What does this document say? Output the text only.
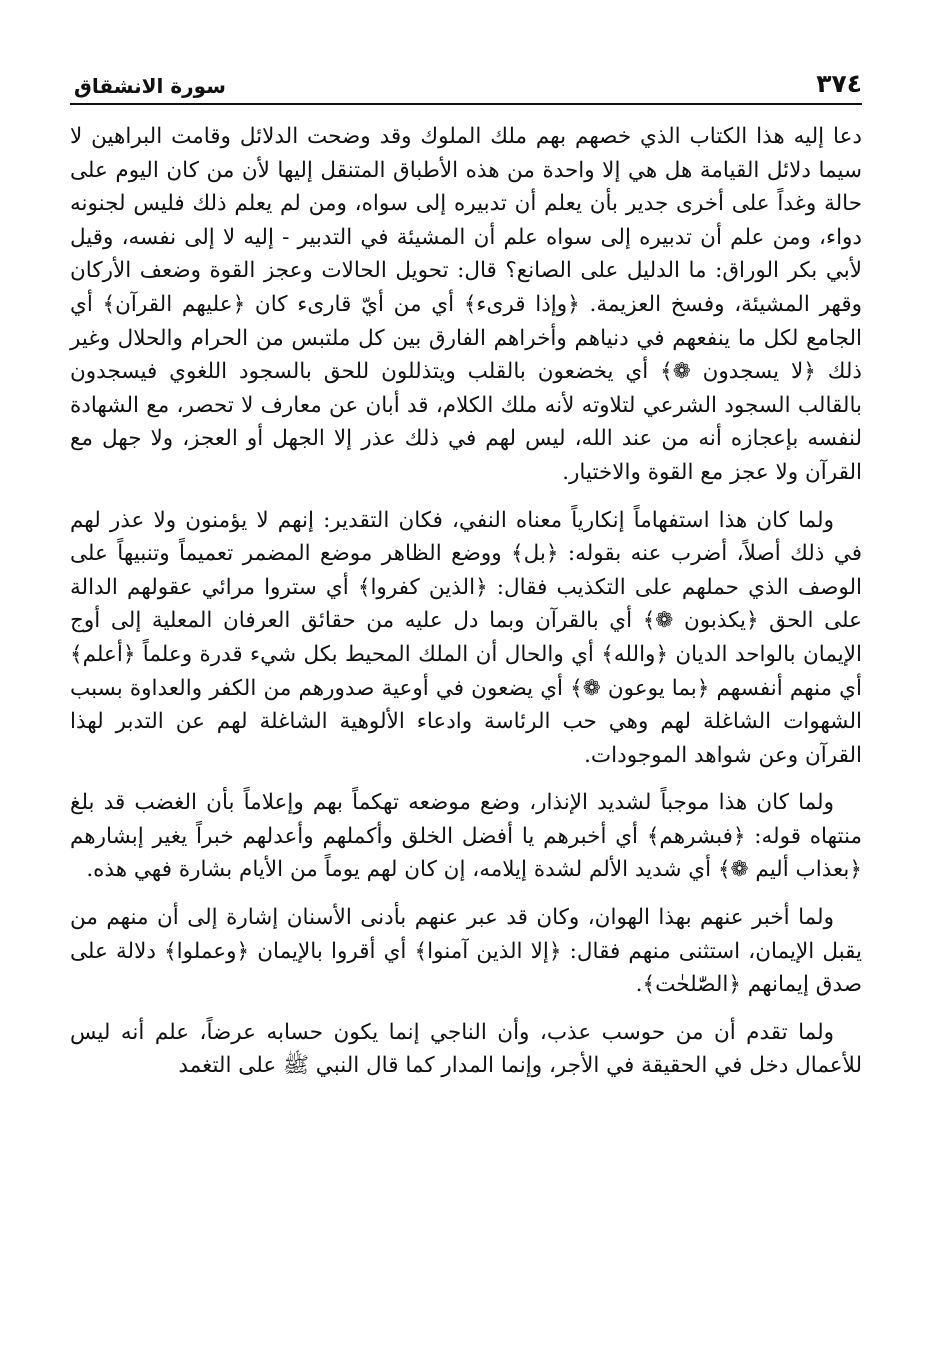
٣٧٤
سورة الانشقاق

دعا إليه هذا الكتاب الذي خصهم بهم ملك الملوك وقد وضحت الدلائل وقامت البراهين لا سيما دلائل القيامة هل هي إلا واحدة من هذه الأطباق المتنقل إليها لأن من كان اليوم على حالة وغداً على أخرى جدير بأن يعلم أن تدبيره إلى سواه، ومن لم يعلم ذلك فليس لجنونه دواء، ومن علم أن تدبيره إلى سواه علم أن المشيئة في التدبير - إليه لا إلى نفسه، وقيل لأبي بكر الوراق: ما الدليل على الصانع؟ قال: تحويل الحالات وعجز القوة وضعف الأركان وقهر المشيئة، وفسخ العزيمة. ﴿وإذا قرىء﴾ أي من أيّ قارىء كان ﴿عليهم القرآن﴾ أي الجامع لكل ما ينفعهم في دنياهم وأخراهم الفارق بين كل ملتبس من الحرام والحلال وغير ذلك ﴿لا يسجدون ❁﴾ أي يخضعون بالقلب ويتذللون للحق بالسجود اللغوي فيسجدون بالقالب السجود الشرعي لتلاوته لأنه ملك الكلام، قد أبان عن معارف لا تحصر، مع الشهادة لنفسه بإعجازه أنه من عند الله، ليس لهم في ذلك عذر إلا الجهل أو العجز، ولا جهل مع القرآن ولا عجز مع القوة والاختيار.

ولما كان هذا استفهاماً إنكارياً معناه النفي، فكان التقدير: إنهم لا يؤمنون ولا عذر لهم في ذلك أصلاً، أضرب عنه بقوله: ﴿بل﴾ ووضع الظاهر موضع المضمر تعميماً وتنبيهاً على الوصف الذي حملهم على التكذيب فقال: ﴿الذين كفروا﴾ أي ستروا مرائي عقولهم الدالة على الحق ﴿يكذبون ❁﴾ أي بالقرآن وبما دل عليه من حقائق العرفان المعلية إلى أوج الإيمان بالواحد الديان ﴿والله﴾ أي والحال أن الملك المحيط بكل شيء قدرة وعلماً ﴿أعلم﴾ أي منهم أنفسهم ﴿بما يوعون ❁﴾ أي يضعون في أوعية صدورهم من الكفر والعداوة بسبب الشهوات الشاغلة لهم وهي حب الرئاسة وادعاء الألوهية الشاغلة لهم عن التدبر لهذا القرآن وعن شواهد الموجودات.

ولما كان هذا موجباً لشديد الإنذار، وضع موضعه تهكماً بهم وإعلاماً بأن الغضب قد بلغ منتهاه قوله: ﴿فبشرهم﴾ أي أخبرهم يا أفضل الخلق وأكملهم وأعدلهم خبراً يغير إبشارهم ﴿بعذاب أليم ❁﴾ أي شديد الألم لشدة إيلامه، إن كان لهم يوماً من الأيام بشارة فهي هذه.

ولما أخبر عنهم بهذا الهوان، وكان قد عبر عنهم بأدنى الأسنان إشارة إلى أن منهم من يقبل الإيمان، استثنى منهم فقال: ﴿إلا الذين آمنوا﴾ أي أقروا بالإيمان ﴿وعملوا﴾ دلالة على صدق إيمانهم ﴿الصّٰلحٰت﴾.

ولما تقدم أن من حوسب عذب، وأن الناجي إنما يكون حسابه عرضاً، علم أنه ليس للأعمال دخل في الحقيقة في الأجر، وإنما المدار كما قال النبي ﷺ على التغمد
